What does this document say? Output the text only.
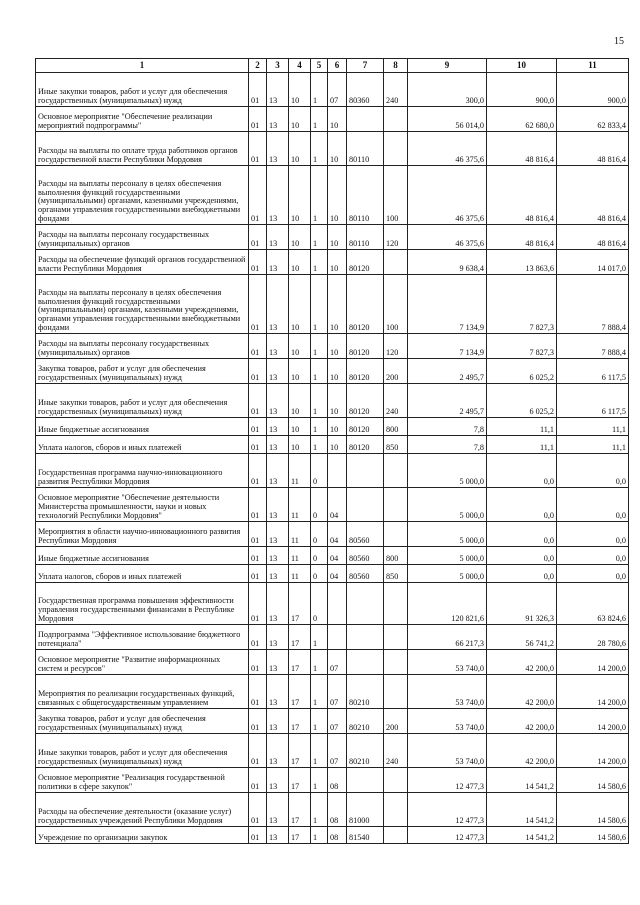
15
1	2	3	4	5	6	7	8	9	10	11
Иные закупки товаров, работ и услуг для обеспечения государственных (муниципальных) нужд	01	13	10	1	07	80360	240	300,0	900,0	900,0
Основное мероприятие "Обеспечение реализации мероприятий подпрограммы"	01	13	10	1	10			56 014,0	62 680,0	62 833,4
Расходы на выплаты по оплате труда работников органов государственной власти Республики Мордовия	01	13	10	1	10	80110		46 375,6	48 816,4	48 816,4
Расходы на выплаты персоналу в целях обеспечения выполнения функций государственными (муниципальными) органами, казенными учреждениями, органами управления государственными внебюджетными фондами	01	13	10	1	10	80110	100	46 375,6	48 816,4	48 816,4
Расходы на выплаты персоналу государственных (муниципальных) органов	01	13	10	1	10	80110	120	46 375,6	48 816,4	48 816,4
Расходы на обеспечение функций органов государственной власти Республики Мордовия	01	13	10	1	10	80120		9 638,4	13 863,6	14 017,0
Расходы на выплаты персоналу в целях обеспечения выполнения функций государственными (муниципальными) органами, казенными учреждениями, органами управления государственными внебюджетными фондами	01	13	10	1	10	80120	100	7 134,9	7 827,3	7 888,4
Расходы на выплаты персоналу государственных (муниципальных) органов	01	13	10	1	10	80120	120	7 134,9	7 827,3	7 888,4
Закупка товаров, работ и услуг для обеспечения государственных (муниципальных) нужд	01	13	10	1	10	80120	200	2 495,7	6 025,2	6 117,5
Иные закупки товаров, работ и услуг для обеспечения государственных (муниципальных) нужд	01	13	10	1	10	80120	240	2 495,7	6 025,2	6 117,5
Иные бюджетные ассигнования	01	13	10	1	10	80120	800	7,8	11,1	11,1
Уплата налогов, сборов и иных платежей	01	13	10	1	10	80120	850	7,8	11,1	11,1
Государственная программа научно-инновационного развития Республики Мордовия	01	13	11	0				5 000,0	0,0	0,0
Основное мероприятие "Обеспечение деятельности Министерства промышленности, науки и новых технологий Республики Мордовия"	01	13	11	0	04			5 000,0	0,0	0,0
Мероприятия в области научно-инновационного развития Республики Мордовия	01	13	11	0	04	80560		5 000,0	0,0	0,0
Иные бюджетные ассигнования	01	13	11	0	04	80560	800	5 000,0	0,0	0,0
Уплата налогов, сборов и иных платежей	01	13	11	0	04	80560	850	5 000,0	0,0	0,0
Государственная программа повышения эффективности управления государственными финансами в Республике Мордовия	01	13	17	0				120 821,6	91 326,3	63 824,6
Подпрограмма "Эффективное использование бюджетного потенциала"	01	13	17	1				66 217,3	56 741,2	28 780,6
Основное мероприятие "Развитие информационных систем и ресурсов"	01	13	17	1	07			53 740,0	42 200,0	14 200,0
Мероприятия по реализации государственных функций, связанных с общегосударственным управлением	01	13	17	1	07	80210		53 740,0	42 200,0	14 200,0
Закупка товаров, работ и услуг для обеспечения государственных (муниципальных) нужд	01	13	17	1	07	80210	200	53 740,0	42 200,0	14 200,0
Иные закупки товаров, работ и услуг для обеспечения государственных (муниципальных) нужд	01	13	17	1	07	80210	240	53 740,0	42 200,0	14 200,0
Основное мероприятие "Реализация государственной политики в сфере закупок"	01	13	17	1	08			12 477,3	14 541,2	14 580,6
Расходы на обеспечение деятельности (оказание услуг) государственных учреждений Республики Мордовия	01	13	17	1	08	81000		12 477,3	14 541,2	14 580,6
Учреждение по организации закупок	01	13	17	1	08	81540		12 477,3	14 541,2	14 580,6
